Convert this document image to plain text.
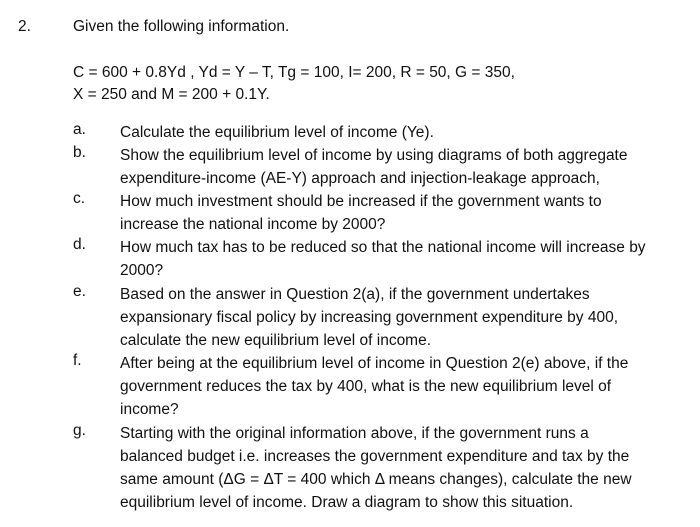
2.	Given the following information.
C = 600 + 0.8Yd , Yd = Y – T, Tg = 100, I= 200, R = 50, G = 350,
X = 250 and M = 200 + 0.1Y.
a.	Calculate the equilibrium level of income (Ye).
b.	Show the equilibrium level of income by using diagrams of both aggregate
expenditure-income (AE-Y) approach and injection-leakage approach,
c.	How much investment should be increased if the government wants to
increase the national income by 2000?
d.	How much tax has to be reduced so that the national income will increase by
2000?
e.	Based on the answer in Question 2(a), if the government undertakes
expansionary fiscal policy by increasing government expenditure by 400,
calculate the new equilibrium level of income.
f.	After being at the equilibrium level of income in Question 2(e) above, if the
government reduces the tax by 400, what is the new equilibrium level of
income?
g.	Starting with the original information above, if the government runs a
balanced budget i.e. increases the government expenditure and tax by the
same amount (ΔG = ΔT = 400 which Δ means changes), calculate the new
equilibrium level of income. Draw a diagram to show this situation.
